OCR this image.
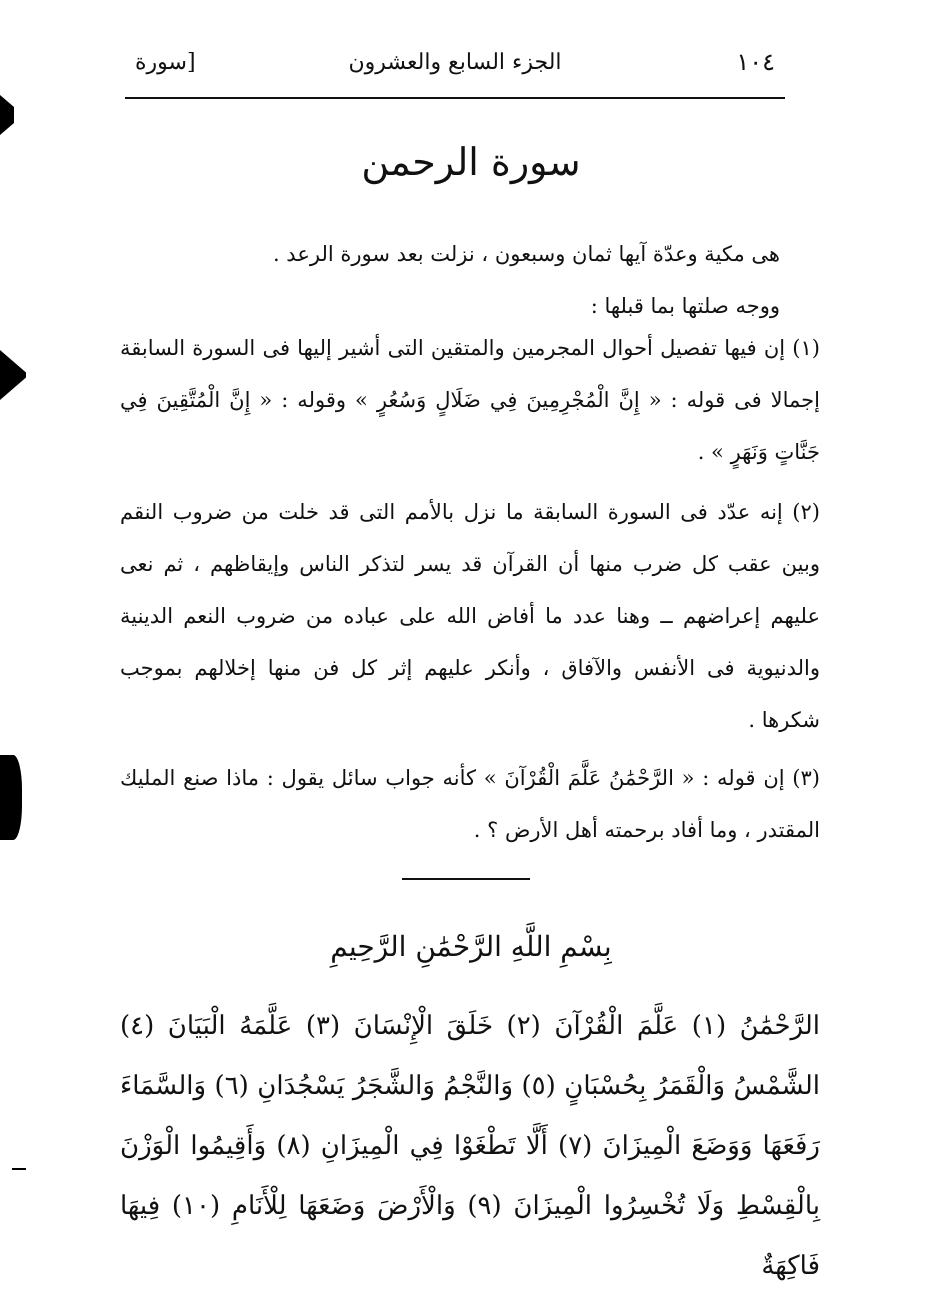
[سورة	الجزء السابع والعشرون	١٠٤
سورة الرحمن

هى مكية وعدّة آيها ثمان وسبعون ، نزلت بعد سورة الرعد .

ووجه صلتها بما قبلها :

(١) إن فيها تفصيل أحوال المجرمين والمتقين التى أشير إليها فى السورة السابقة إجمالا فى قوله : « إِنَّ الْمُجْرِمِينَ فِي ضَلَالٍ وَسُعُرٍ » وقوله : « إِنَّ الْمُتَّقِينَ فِي جَنَّاتٍ وَنَهَرٍ » .

(٢) إنه عدّد فى السورة السابقة ما نزل بالأمم التى قد خلت من ضروب النقم وبين عقب كل ضرب منها أن القرآن قد يسر لتذكر الناس وإيقاظهم ، ثم نعى عليهم إعراضهم ــ وهنا عدد ما أفاض الله على عباده من ضروب النعم الدينية والدنيوية فى الأنفس والآفاق ، وأنكر عليهم إثر كل فن منها إخلالهم بموجب شكرها .

(٣) إن قوله : « الرَّحْمَٰنُ عَلَّمَ الْقُرْآنَ » كأنه جواب سائل يقول : ماذا صنع المليك المقتدر ، وما أفاد برحمته أهل الأرض ؟ .

بِسْمِ اللَّهِ الرَّحْمَٰنِ الرَّحِيمِ
الرَّحْمَٰنُ (١) عَلَّمَ الْقُرْآنَ (٢) خَلَقَ الْإِنْسَانَ (٣) عَلَّمَهُ الْبَيَانَ (٤) الشَّمْسُ وَالْقَمَرُ بِحُسْبَانٍ (٥) وَالنَّجْمُ وَالشَّجَرُ يَسْجُدَانِ (٦) وَالسَّمَاءَ رَفَعَهَا وَوَضَعَ الْمِيزَانَ (٧) أَلَّا تَطْغَوْا فِي الْمِيزَانِ (٨) وَأَقِيمُوا الْوَزْنَ بِالْقِسْطِ وَلَا تُخْسِرُوا الْمِيزَانَ (٩) وَالْأَرْضَ وَضَعَهَا لِلْأَنَامِ (١٠) فِيهَا فَاكِهَةٌ
